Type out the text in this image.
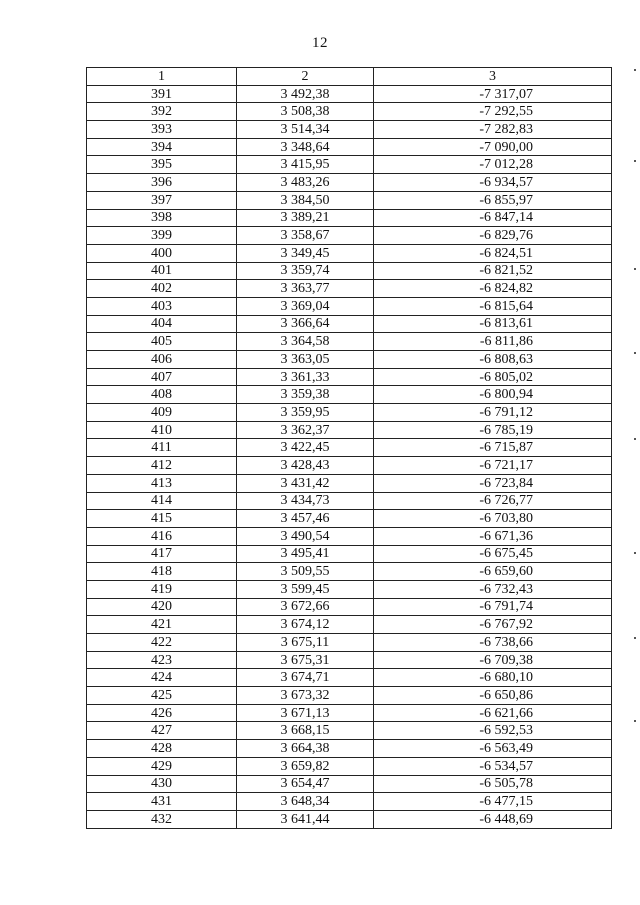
12
1	2	3
391	3 492,38	-7 317,07
392	3 508,38	-7 292,55
393	3 514,34	-7 282,83
394	3 348,64	-7 090,00
395	3 415,95	-7 012,28
396	3 483,26	-6 934,57
397	3 384,50	-6 855,97
398	3 389,21	-6 847,14
399	3 358,67	-6 829,76
400	3 349,45	-6 824,51
401	3 359,74	-6 821,52
402	3 363,77	-6 824,82
403	3 369,04	-6 815,64
404	3 366,64	-6 813,61
405	3 364,58	-6 811,86
406	3 363,05	-6 808,63
407	3 361,33	-6 805,02
408	3 359,38	-6 800,94
409	3 359,95	-6 791,12
410	3 362,37	-6 785,19
411	3 422,45	-6 715,87
412	3 428,43	-6 721,17
413	3 431,42	-6 723,84
414	3 434,73	-6 726,77
415	3 457,46	-6 703,80
416	3 490,54	-6 671,36
417	3 495,41	-6 675,45
418	3 509,55	-6 659,60
419	3 599,45	-6 732,43
420	3 672,66	-6 791,74
421	3 674,12	-6 767,92
422	3 675,11	-6 738,66
423	3 675,31	-6 709,38
424	3 674,71	-6 680,10
425	3 673,32	-6 650,86
426	3 671,13	-6 621,66
427	3 668,15	-6 592,53
428	3 664,38	-6 563,49
429	3 659,82	-6 534,57
430	3 654,47	-6 505,78
431	3 648,34	-6 477,15
432	3 641,44	-6 448,69
